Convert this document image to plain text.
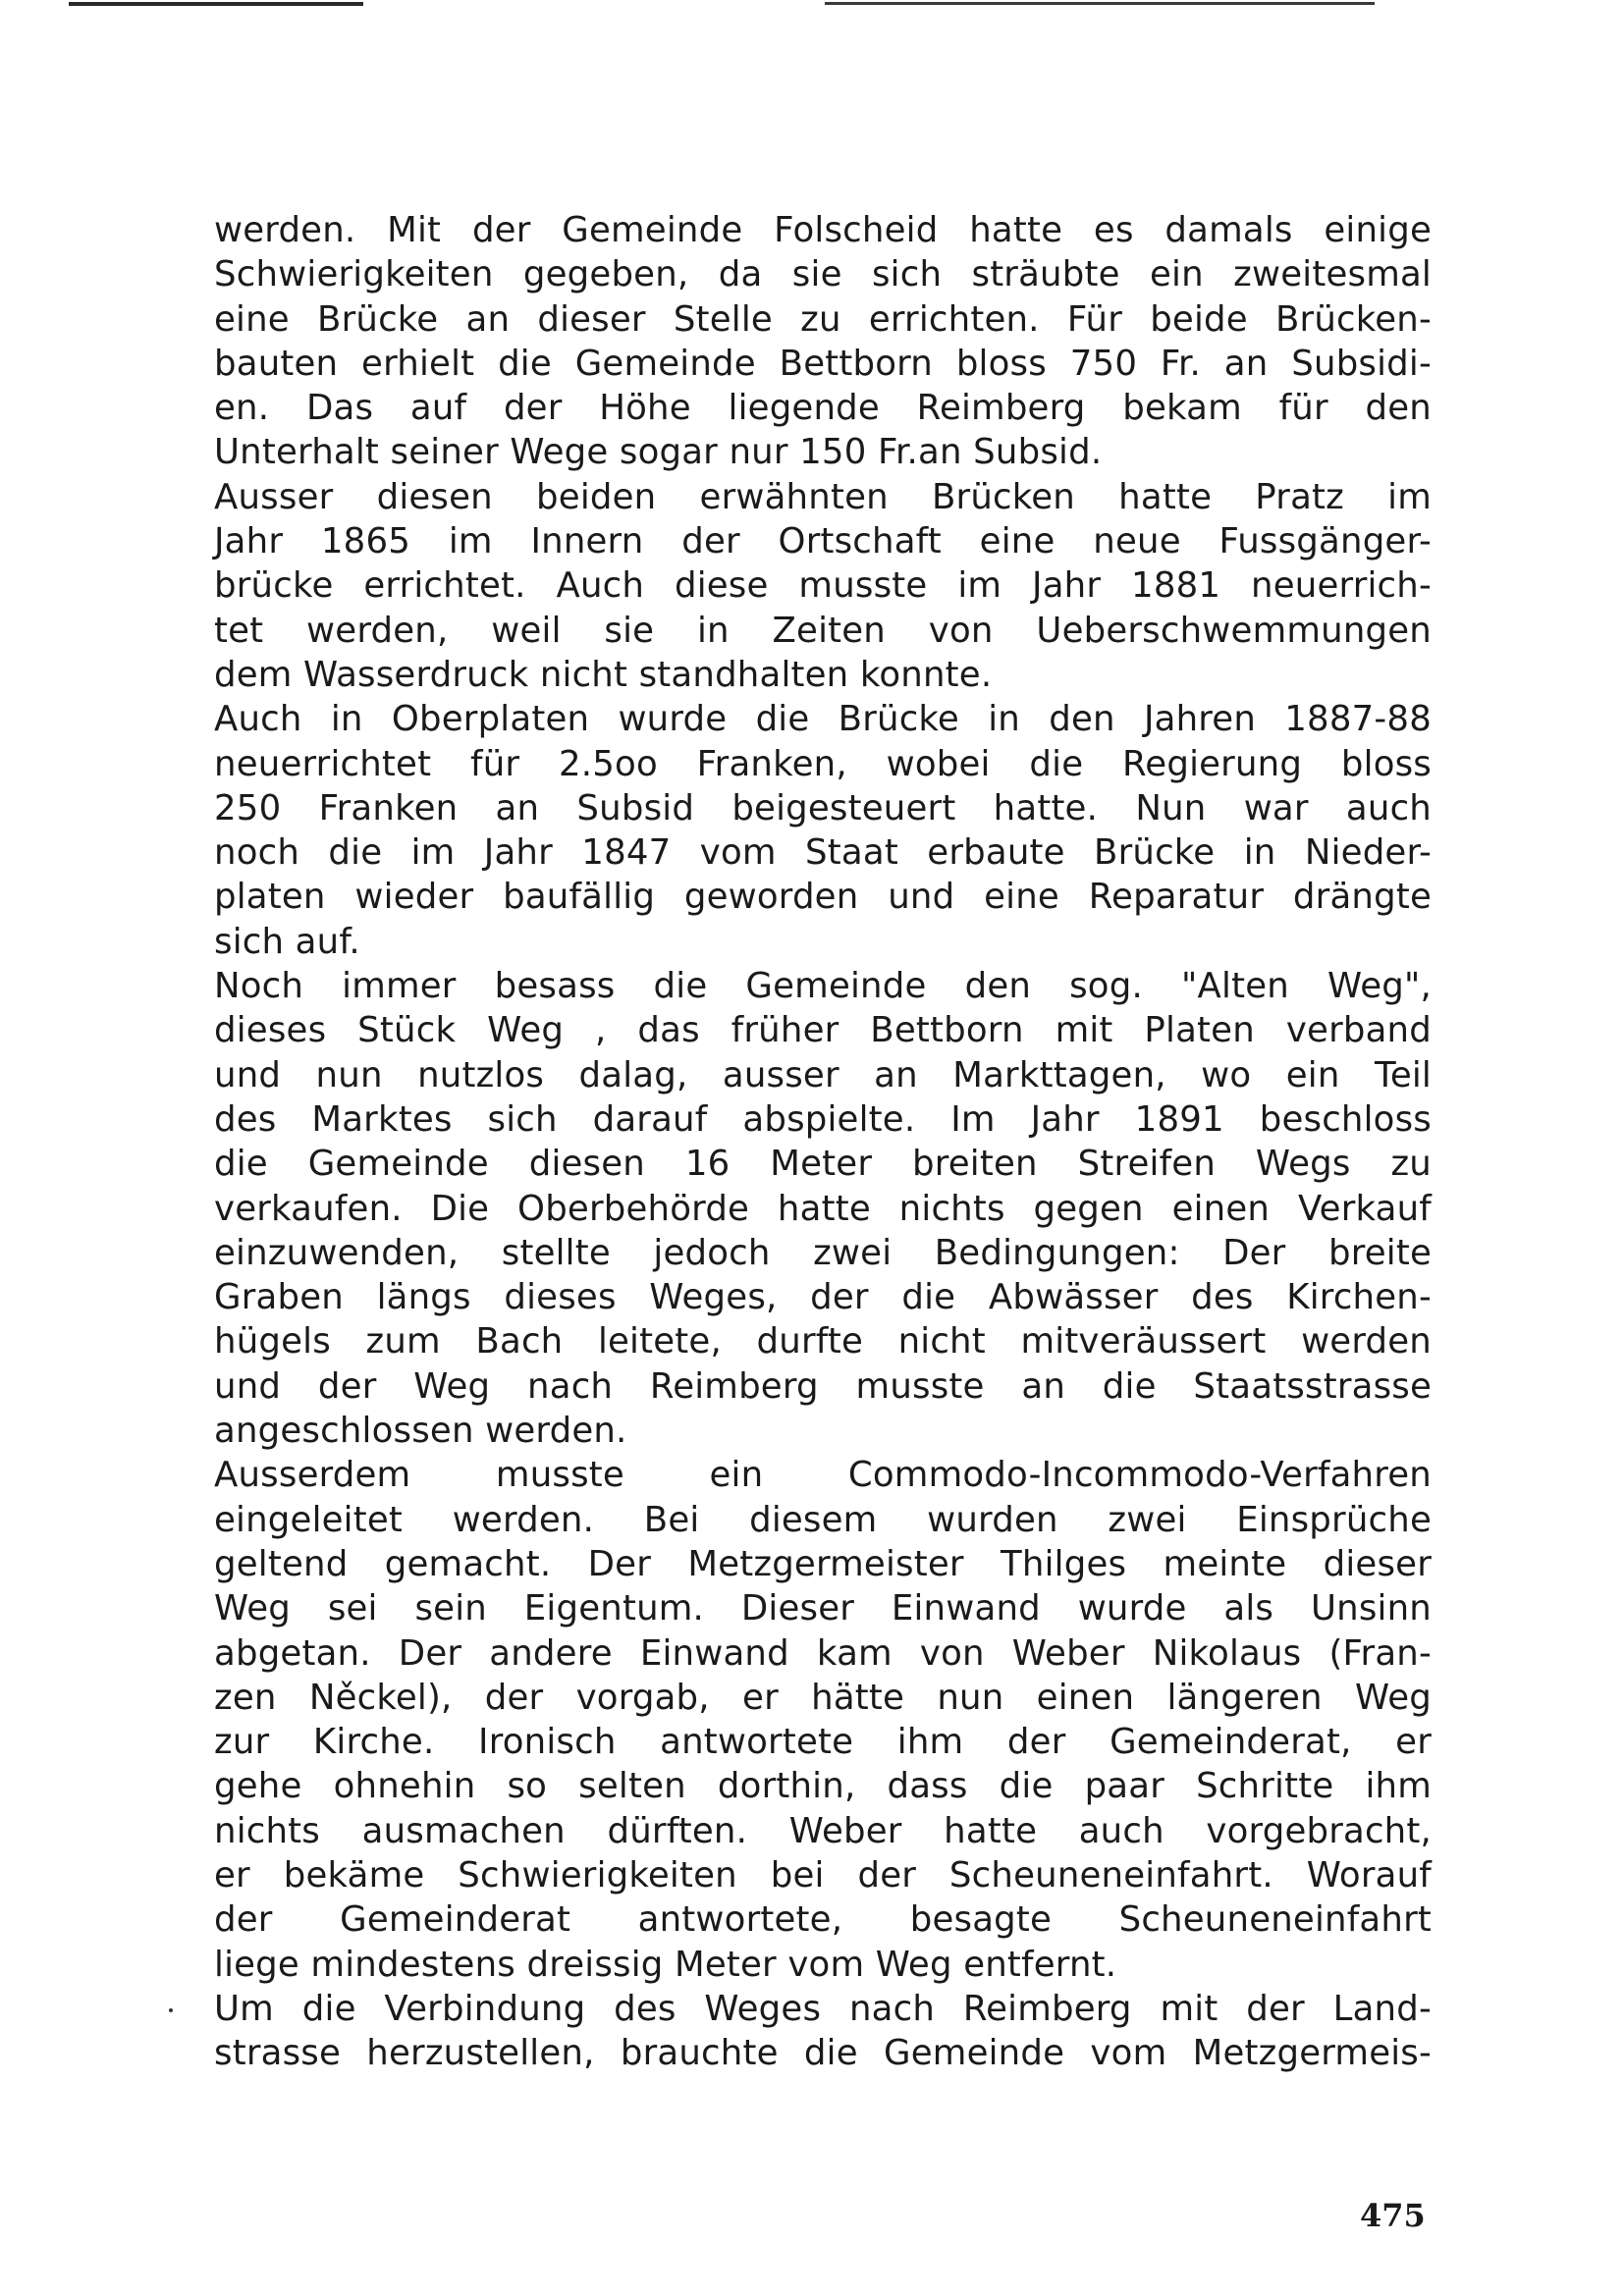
werden. Mit der Gemeinde Folscheid hatte es damals einige
Schwierigkeiten gegeben, da sie sich sträubte ein zweitesmal
eine Brücke an dieser Stelle zu errichten. Für beide Brücken-
bauten erhielt die Gemeinde Bettborn bloss 750 Fr. an Subsidi-
en. Das auf der Höhe liegende Reimberg bekam für den
Unterhalt seiner Wege sogar nur 150 Fr.an Subsid.
Ausser diesen beiden erwähnten Brücken hatte Pratz im
Jahr 1865 im Innern der Ortschaft eine neue Fussgänger-
brücke errichtet. Auch diese musste im Jahr 1881 neuerrich-
tet werden, weil sie in Zeiten von Ueberschwemmungen
dem Wasserdruck nicht standhalten konnte.
Auch in Oberplaten wurde die Brücke in den Jahren 1887-88
neuerrichtet für 2.5oo Franken, wobei die Regierung bloss
250 Franken an Subsid beigesteuert hatte. Nun war auch
noch die im Jahr 1847 vom Staat erbaute Brücke in Nieder-
platen wieder baufällig geworden und eine Reparatur drängte
sich auf.
Noch immer besass die Gemeinde den sog. "Alten Weg",
dieses Stück Weg , das früher Bettborn mit Platen verband
und nun nutzlos dalag, ausser an Markttagen, wo ein Teil
des Marktes sich darauf abspielte. Im Jahr 1891 beschloss
die Gemeinde diesen 16 Meter breiten Streifen Wegs zu
verkaufen. Die Oberbehörde hatte nichts gegen einen Verkauf
einzuwenden, stellte jedoch zwei Bedingungen: Der breite
Graben längs dieses Weges, der die Abwässer des Kirchen-
hügels zum Bach leitete, durfte nicht mitveräussert werden
und der Weg nach Reimberg musste an die Staatsstrasse
angeschlossen werden.
Ausserdem musste ein Commodo-Incommodo-Verfahren
eingeleitet werden. Bei diesem wurden zwei Einsprüche
geltend gemacht. Der Metzgermeister Thilges meinte dieser
Weg sei sein Eigentum. Dieser Einwand wurde als Unsinn
abgetan. Der andere Einwand kam von Weber Nikolaus (Fran-
zen Něckel), der vorgab, er hätte nun einen längeren Weg
zur Kirche. Ironisch antwortete ihm der Gemeinderat, er
gehe ohnehin so selten dorthin, dass die paar Schritte ihm
nichts ausmachen dürften. Weber hatte auch vorgebracht,
er bekäme Schwierigkeiten bei der Scheuneneinfahrt. Worauf
der Gemeinderat antwortete, besagte Scheuneneinfahrt
liege mindestens dreissig Meter vom Weg entfernt.
Um die Verbindung des Weges nach Reimberg mit der Land-
strasse herzustellen, brauchte die Gemeinde vom Metzgermeis-
475
